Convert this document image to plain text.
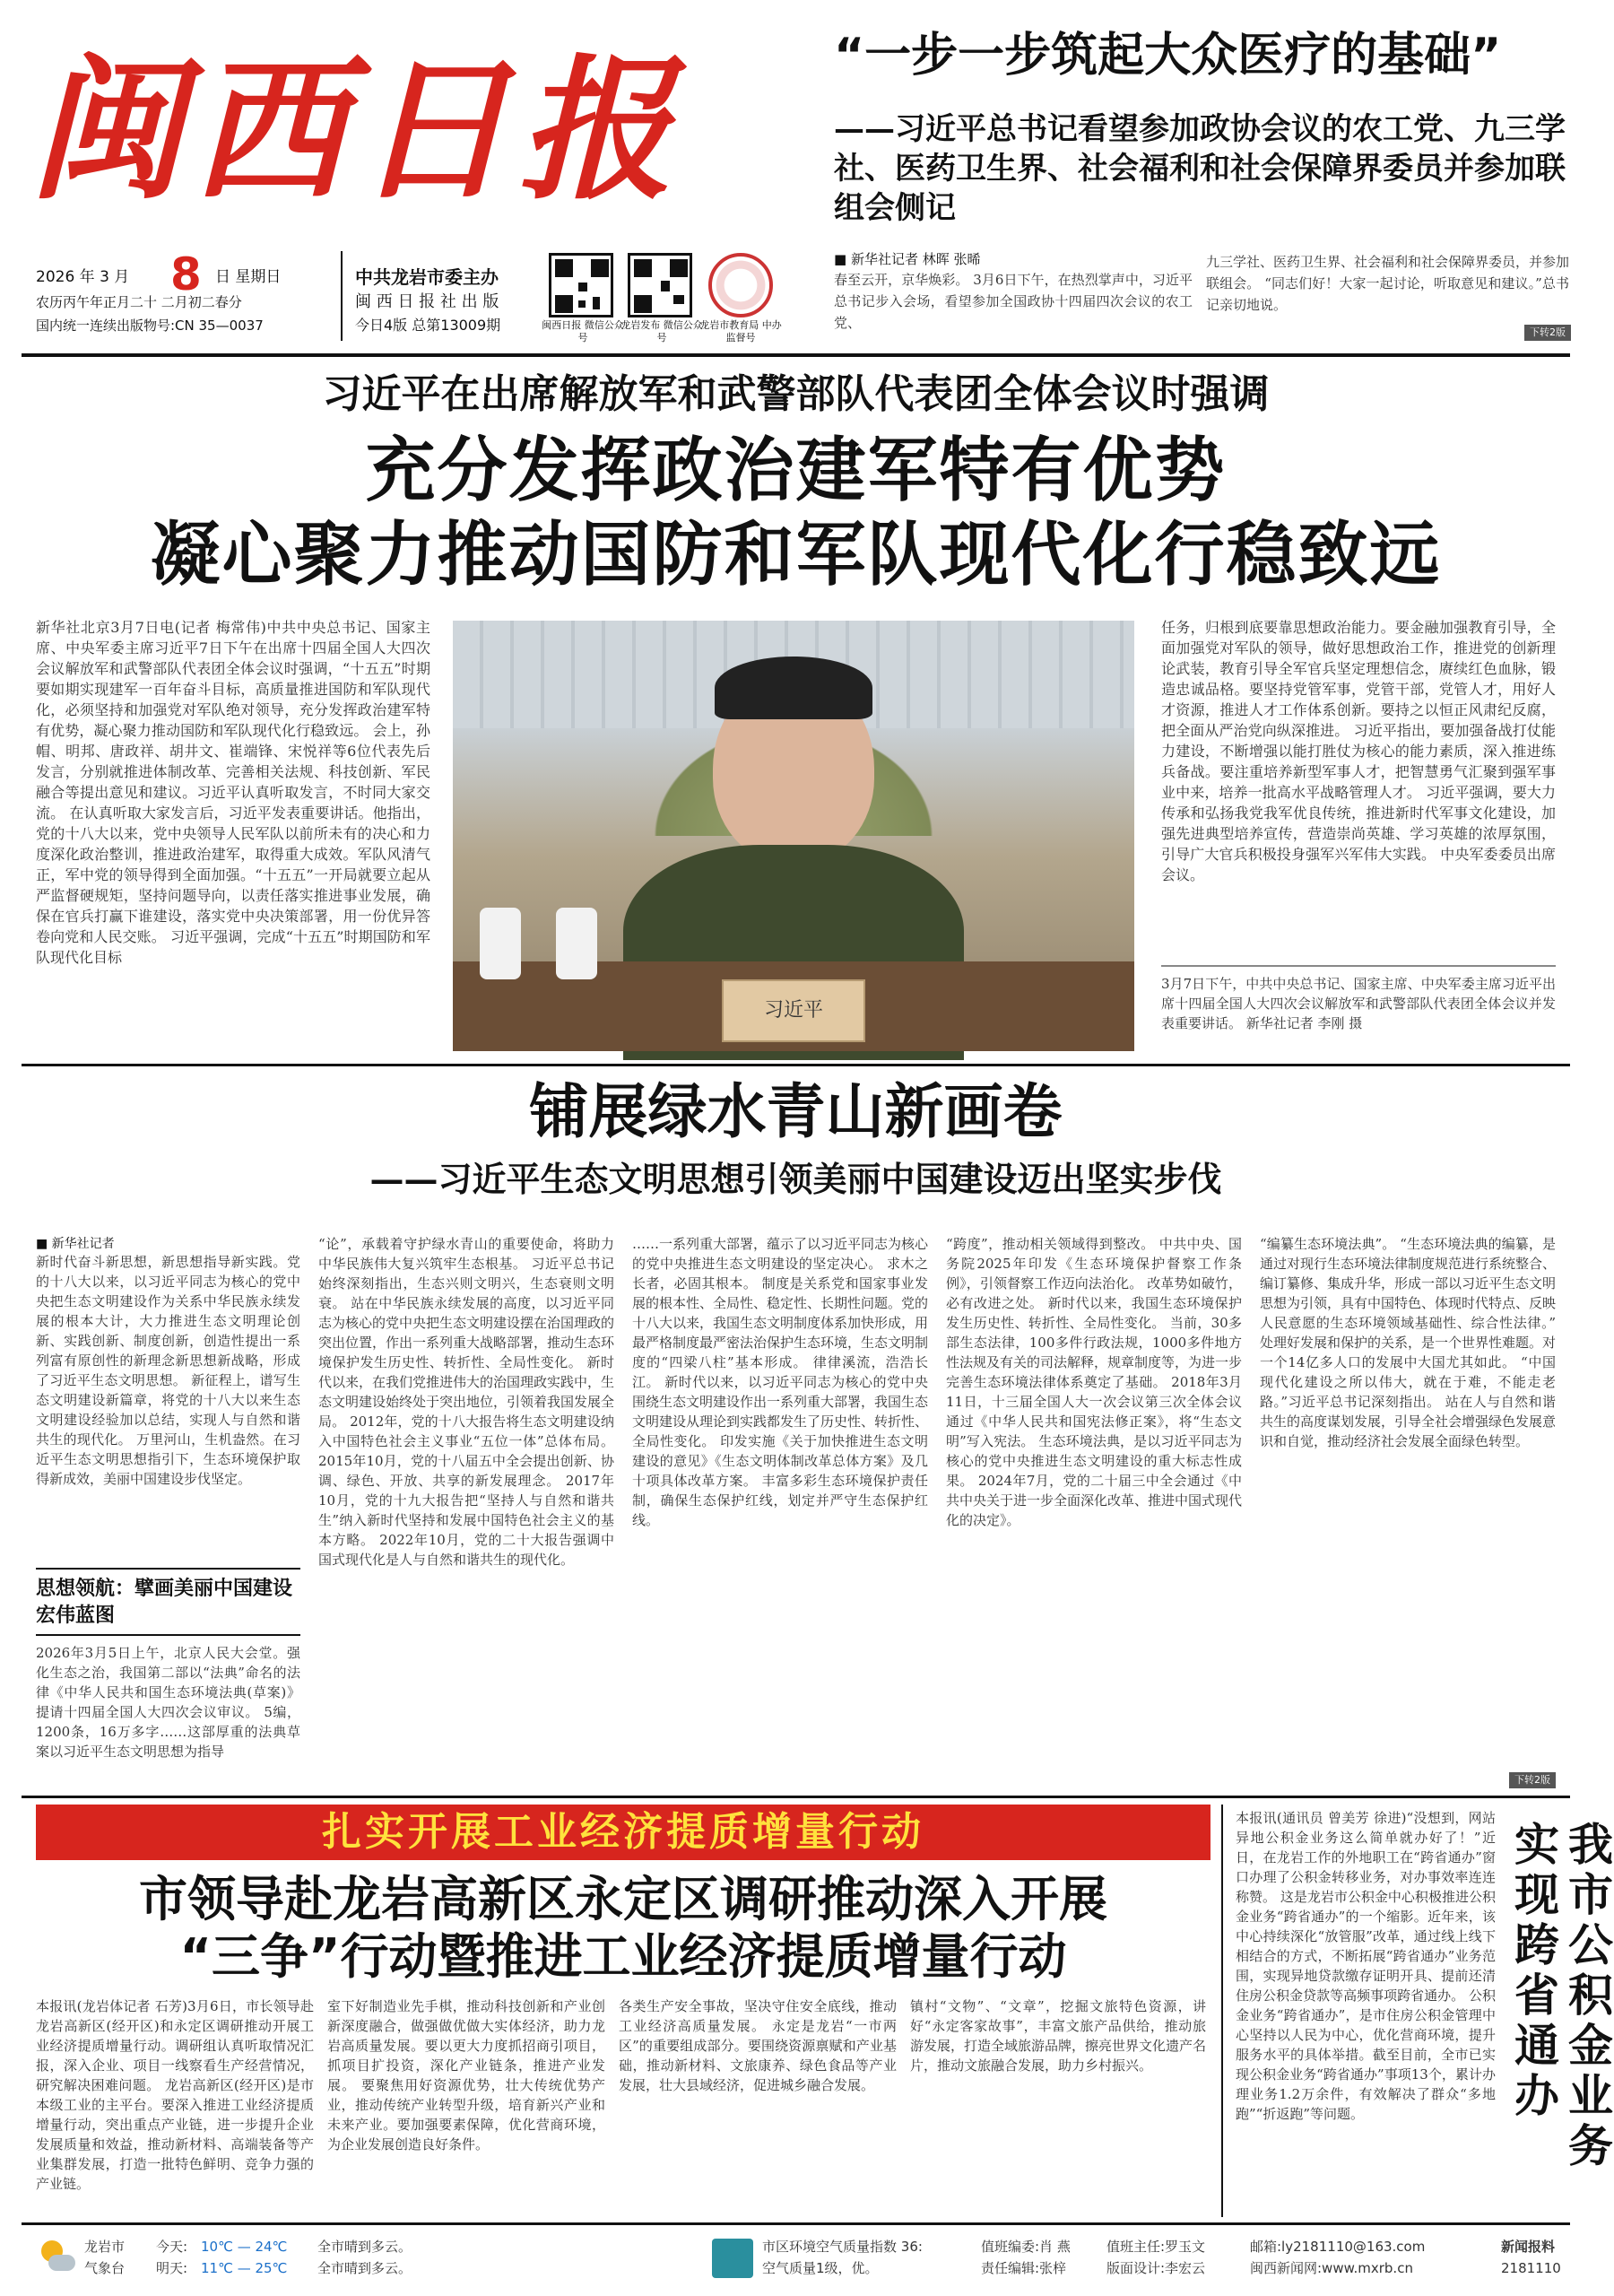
闽西日报
2026 年 3 月 8 日 星期日
农历丙午年正月二十 二月初二春分
国内统一连续出版物号:CN 35—0037
中共龙岩市委主办
闽 西 日 报 社 出 版
今日4版 总第13009期	闽西日报 微信公众号
龙岩发布 微信公众号
龙岩市教育局 中办监督号
“一步一步筑起大众医疗的基础”
——习近平总书记看望参加政协会议的农工党、九三学社、医药卫生界、社会福利和社会保障界委员并参加联组会侧记
■ 新华社记者 林晖 张晞
春至云开，京华焕彩。 3月6日下午，在热烈掌声中，习近平总书记步入会场，看望参加全国政协十四届四次会议的农工党、
九三学社、医药卫生界、社会福利和社会保障界委员，并参加联组会。 “同志们好！大家一起讨论，听取意见和建议。”总书记亲切地说。
下转2版
习近平在出席解放军和武警部队代表团全体会议时强调
充分发挥政治建军特有优势
凝心聚力推动国防和军队现代化行稳致远
新华社北京3月7日电(记者 梅常伟)中共中央总书记、国家主席、中央军委主席习近平7日下午在出席十四届全国人大四次会议解放军和武警部队代表团全体会议时强调，“十五五”时期要如期实现建军一百年奋斗目标，高质量推进国防和军队现代化，必须坚持和加强党对军队绝对领导，充分发挥政治建军特有优势，凝心聚力推动国防和军队现代化行稳致远。 会上，孙帽、明邦、唐政祥、胡井文、崔端锋、宋悦祥等6位代表先后发言，分别就推进体制改革、完善相关法规、科技创新、军民融合等提出意见和建议。习近平认真听取发言，不时同大家交流。 在认真听取大家发言后，习近平发表重要讲话。他指出，党的十八大以来，党中央领导人民军队以前所未有的决心和力度深化政治整训，推进政治建军，取得重大成效。军队风清气正，军中党的领导得到全面加强。“十五五”一开局就要立起从严监督硬规矩，坚持问题导向，以责任落实推进事业发展，确保在官兵打赢下谁建设，落实党中央决策部署，用一份优异答卷向党和人民交账。 习近平强调，完成“十五五”时期国防和军队现代化目标
习近平
任务，归根到底要靠思想政治能力。要金融加强教育引导，全面加强党对军队的领导，做好思想政治工作，推进党的创新理论武装，教育引导全军官兵坚定理想信念，赓续红色血脉，锻造忠诚品格。要坚持党管军事，党管干部，党管人才，用好人才资源，推进人才工作体系创新。要持之以恒正风肃纪反腐，把全面从严治党向纵深推进。 习近平指出，要加强备战打仗能力建设，不断增强以能打胜仗为核心的能力素质，深入推进练兵备战。要注重培养新型军事人才，把智慧勇气汇聚到强军事业中来，培养一批高水平战略管理人才。 习近平强调，要大力传承和弘扬我党我军优良传统，推进新时代军事文化建设，加强先进典型培养宣传，营造崇尚英雄、学习英雄的浓厚氛围，引导广大官兵积极投身强军兴军伟大实践。 中央军委委员出席会议。
3月7日下午，中共中央总书记、国家主席、中央军委主席习近平出席十四届全国人大四次会议解放军和武警部队代表团全体会议并发表重要讲话。 新华社记者 李刚 摄
铺展绿水青山新画卷
——习近平生态文明思想引领美丽中国建设迈出坚实步伐
■ 新华社记者
新时代奋斗新思想，新思想指导新实践。党的十八大以来，以习近平同志为核心的党中央把生态文明建设作为关系中华民族永续发展的根本大计，大力推进生态文明理论创新、实践创新、制度创新，创造性提出一系列富有原创性的新理念新思想新战略，形成了习近平生态文明思想。 新征程上，谱写生态文明建设新篇章，将党的十八大以来生态文明建设经验加以总结，实现人与自然和谐共生的现代化。 万里河山，生机盎然。在习近平生态文明思想指引下，生态环境保护取得新成效，美丽中国建设步伐坚定。
思想领航：擘画美丽中国建设宏伟蓝图
2026年3月5日上午，北京人民大会堂。强化生态之治，我国第二部以“法典”命名的法律《中华人民共和国生态环境法典(草案)》提请十四届全国人大四次会议审议。 5编，1200条，16万多字……这部厚重的法典草案以习近平生态文明思想为指导
“论”，承载着守护绿水青山的重要使命，将助力中华民族伟大复兴筑牢生态根基。 习近平总书记始终深刻指出，生态兴则文明兴，生态衰则文明衰。 站在中华民族永续发展的高度，以习近平同志为核心的党中央把生态文明建设摆在治国理政的突出位置，作出一系列重大战略部署，推动生态环境保护发生历史性、转折性、全局性变化。 新时代以来，在我们党推进伟大的治国理政实践中，生态文明建设始终处于突出地位，引领着我国发展全局。 2012年，党的十八大报告将生态文明建设纳入中国特色社会主义事业“五位一体”总体布局。 2015年10月，党的十八届五中全会提出创新、协调、绿色、开放、共享的新发展理念。 2017年10月，党的十九大报告把“坚持人与自然和谐共生”纳入新时代坚持和发展中国特色社会主义的基本方略。 2022年10月，党的二十大报告强调中国式现代化是人与自然和谐共生的现代化。
……一系列重大部署，蕴示了以习近平同志为核心的党中央推进生态文明建设的坚定决心。 求木之长者，必固其根本。 制度是关系党和国家事业发展的根本性、全局性、稳定性、长期性问题。党的十八大以来，我国生态文明制度体系加快形成，用最严格制度最严密法治保护生态环境，生态文明制度的“四梁八柱”基本形成。 律律溪流，浩浩长江。 新时代以来，以习近平同志为核心的党中央围绕生态文明建设作出一系列重大部署，我国生态文明建设从理论到实践都发生了历史性、转折性、全局性变化。 印发实施《关于加快推进生态文明建设的意见》《生态文明体制改革总体方案》及几十项具体改革方案。 丰富多彩生态环境保护责任制，确保生态保护红线，划定并严守生态保护红线。
“跨度”，推动相关领域得到整改。 中共中央、国务院2025年印发《生态环境保护督察工作条例》，引领督察工作迈向法治化。 改革势如破竹，必有改进之处。 新时代以来，我国生态环境保护发生历史性、转折性、全局性变化。 当前，30多部生态法律，100多件行政法规，1000多件地方性法规及有关的司法解释，规章制度等，为进一步完善生态环境法律体系奠定了基础。 2018年3月11日，十三届全国人大一次会议第三次全体会议通过《中华人民共和国宪法修正案》，将“生态文明”写入宪法。 生态环境法典，是以习近平同志为核心的党中央推进生态文明建设的重大标志性成果。 2024年7月，党的二十届三中全会通过《中共中央关于进一步全面深化改革、推进中国式现代化的决定》。
“编纂生态环境法典”。 “生态环境法典的编纂，是通过对现行生态环境法律制度规范进行系统整合、编订纂修、集成升华，形成一部以习近平生态文明思想为引领，具有中国特色、体现时代特点、反映人民意愿的生态环境领域基础性、综合性法律。” 处理好发展和保护的关系，是一个世界性难题。对一个14亿多人口的发展中大国尤其如此。 “中国现代化建设之所以伟大，就在于难，不能走老路。”习近平总书记深刻指出。 站在人与自然和谐共生的高度谋划发展，引导全社会增强绿色发展意识和自觉，推动经济社会发展全面绿色转型。
下转2版
扎实开展工业经济提质增量行动
市领导赴龙岩高新区永定区调研推动深入开展
“三争”行动暨推进工业经济提质增量行动
本报讯(龙岩体记者 石芳)3月6日，市长领导赴龙岩高新区(经开区)和永定区调研推动开展工业经济提质增量行动。调研组认真听取情况汇报，深入企业、项目一线察看生产经营情况，研究解决困难问题。 龙岩高新区(经开区)是市本级工业的主平台。要深入推进工业经济提质增量行动，突出重点产业链，进一步提升企业发展质量和效益，推动新材料、高端装备等产业集群发展，打造一批特色鲜明、竞争力强的产业链。
室下好制造业先手棋，推动科技创新和产业创新深度融合，做强做优做大实体经济，助力龙岩高质量发展。要以更大力度抓招商引项目，抓项目扩投资，深化产业链条，推进产业发展。 要聚焦用好资源优势，壮大传统优势产业，推动传统产业转型升级，培育新兴产业和未来产业。要加强要素保障，优化营商环境，为企业发展创造良好条件。
各类生产安全事故，坚决守住安全底线，推动工业经济高质量发展。 永定是龙岩“一市两区”的重要组成部分。要围绕资源禀赋和产业基础，推动新材料、文旅康养、绿色食品等产业发展，壮大县域经济，促进城乡融合发展。
镇村“文物”、“文章”，挖掘文旅特色资源，讲好“永定客家故事”，丰富文旅产品供给，推动旅游发展，打造全域旅游品牌，擦亮世界文化遗产名片，推动文旅融合发展，助力乡村振兴。
本报讯(通讯员 曾美芳 徐进)“没想到，网站异地公积金业务这么简单就办好了！”近日，在龙岩工作的外地职工在“跨省通办”窗口办理了公积金转移业务，对办事效率连连称赞。 这是龙岩市公积金中心积极推进公积金业务“跨省通办”的一个缩影。近年来，该中心持续深化“放管服”改革，通过线上线下相结合的方式，不断拓展“跨省通办”业务范围，实现异地贷款缴存证明开具、提前还清住房公积金贷款等高频事项跨省通办。 公积金业务“跨省通办”，是市住房公积金管理中心坚持以人民为中心，优化营商环境，提升服务水平的具体举措。截至目前，全市已实现公积金业务“跨省通办”事项13个，累计办理业务1.2万余件，有效解决了群众“多地跑”“折返跑”等问题。	我市公积金业务实现跨省通办
龙岩市
气象台
今天: 10℃ — 24℃	全市晴到多云。
明天: 11℃ — 25℃	全市晴到多云。
市区环境空气质量指数 36:
空气质量1级，优。
值班编委:肖 燕	值班主任:罗玉文
责任编辑:张梓	版面设计:李宏云
邮箱:ly2181110@163.com
闽西新闻网:www.mxrb.cn
新闻报料
2181110
